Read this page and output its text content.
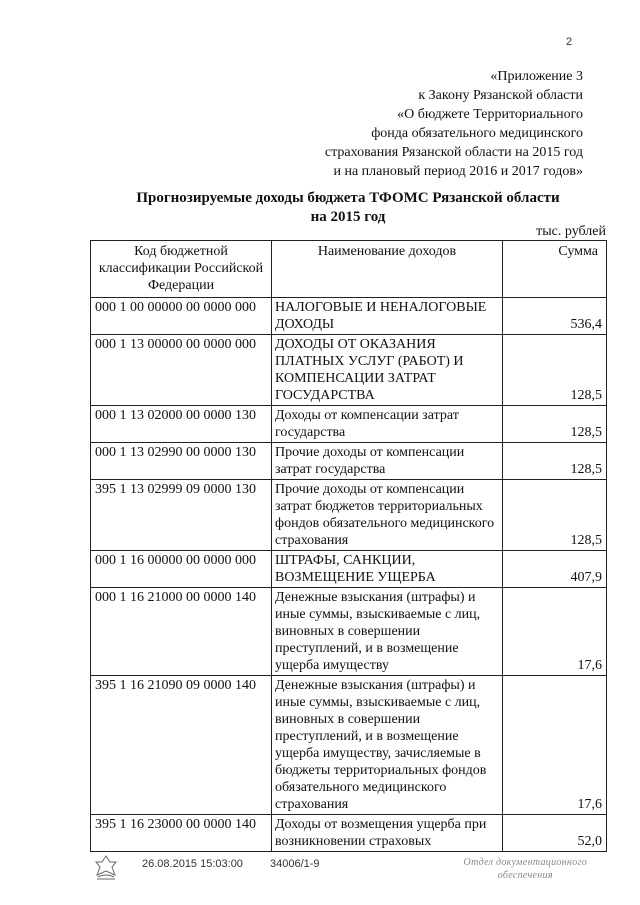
2
«Приложение 3
к Закону Рязанской области
«О бюджете Территориального
фонда обязательного медицинского
страхования Рязанской области на 2015 год
и на плановый период 2016 и 2017 годов»
Прогнозируемые доходы бюджета ТФОМС Рязанской области
на 2015 год
тыс. рублей
Код бюджетной классификации Российской Федерации	Наименование доходов	Сумма
000 1 00 00000 00 0000 000	НАЛОГОВЫЕ И НЕНАЛОГОВЫЕ ДОХОДЫ	536,4
000 1 13 00000 00 0000 000	ДОХОДЫ ОТ ОКАЗАНИЯ ПЛАТНЫХ УСЛУГ (РАБОТ) И КОМПЕНСАЦИИ ЗАТРАТ ГОСУДАРСТВА	128,5
000 1 13 02000 00 0000 130	Доходы от компенсации затрат государства	128,5
000 1 13 02990 00 0000 130	Прочие доходы от компенсации затрат государства	128,5
395 1 13 02999 09 0000 130	Прочие доходы от компенсации затрат бюджетов территориальных фондов обязательного медицинского страхования	128,5
000 1 16 00000 00 0000 000	ШТРАФЫ, САНКЦИИ, ВОЗМЕЩЕНИЕ УЩЕРБА	407,9
000 1 16 21000 00 0000 140	Денежные взыскания (штрафы) и иные суммы, взыскиваемые с лиц, виновных в совершении преступлений, и в возмещение ущерба имуществу	17,6
395 1 16 21090 09 0000 140	Денежные взыскания (штрафы) и иные суммы, взыскиваемые с лиц, виновных в совершении преступлений, и в возмещение ущерба имуществу, зачисляемые в бюджеты территориальных фондов обязательного медицинского страхования	17,6
395 1 16 23000 00 0000 140	Доходы от возмещения ущерба при возникновении страховых	52,0
26.08.2015 15:03:00 34006/1-9	Отдел документационного
обеспечения
